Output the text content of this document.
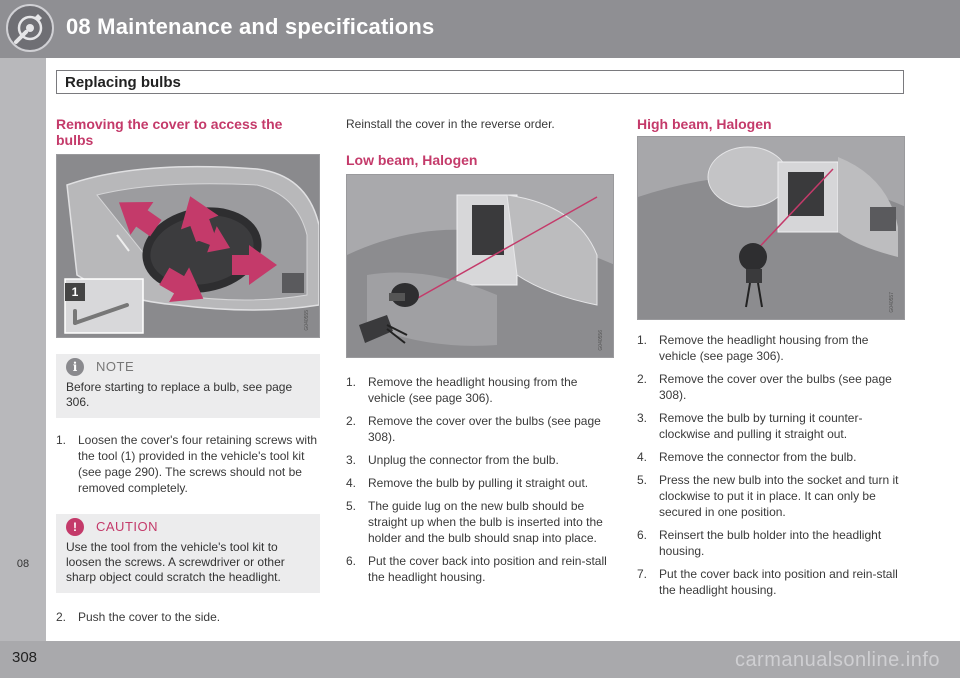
08 Maintenance and specifications
Replacing bulbs
08
Removing the cover to access the bulbs
1
G040555
i	NOTE
Before starting to replace a bulb, see page 306.
1. Loosen the cover's four retaining screws with the tool (1) provided in the vehicle's tool kit (see page 290). The screws should not be removed completely.
!	CAUTION
Use the tool from the vehicle's tool kit to loosen the screws. A screwdriver or other sharp object could scratch the headlight.
2. Push the cover to the side.
Reinstall the cover in the reverse order.
Low beam, Halogen
G040556
1. Remove the headlight housing from the vehicle (see page 306).
2. Remove the cover over the bulbs (see page 308).
3. Unplug the connector from the bulb.
4. Remove the bulb by pulling it straight out.
5. The guide lug on the new bulb should be straight up when the bulb is inserted into the holder and the bulb should snap into place.
6. Put the cover back into position and rein-stall the headlight housing.
High beam, Halogen
G040557
1. Remove the headlight housing from the vehicle (see page 306).
2. Remove the cover over the bulbs (see page 308).
3. Remove the bulb by turning it counter-clockwise and pulling it straight out.
4. Remove the connector from the bulb.
5. Press the new bulb into the socket and turn it clockwise to put it in place. It can only be secured in one position.
6. Reinsert the bulb holder into the headlight housing.
7. Put the cover back into position and rein-stall the headlight housing.
308	carmanualsonline.info
